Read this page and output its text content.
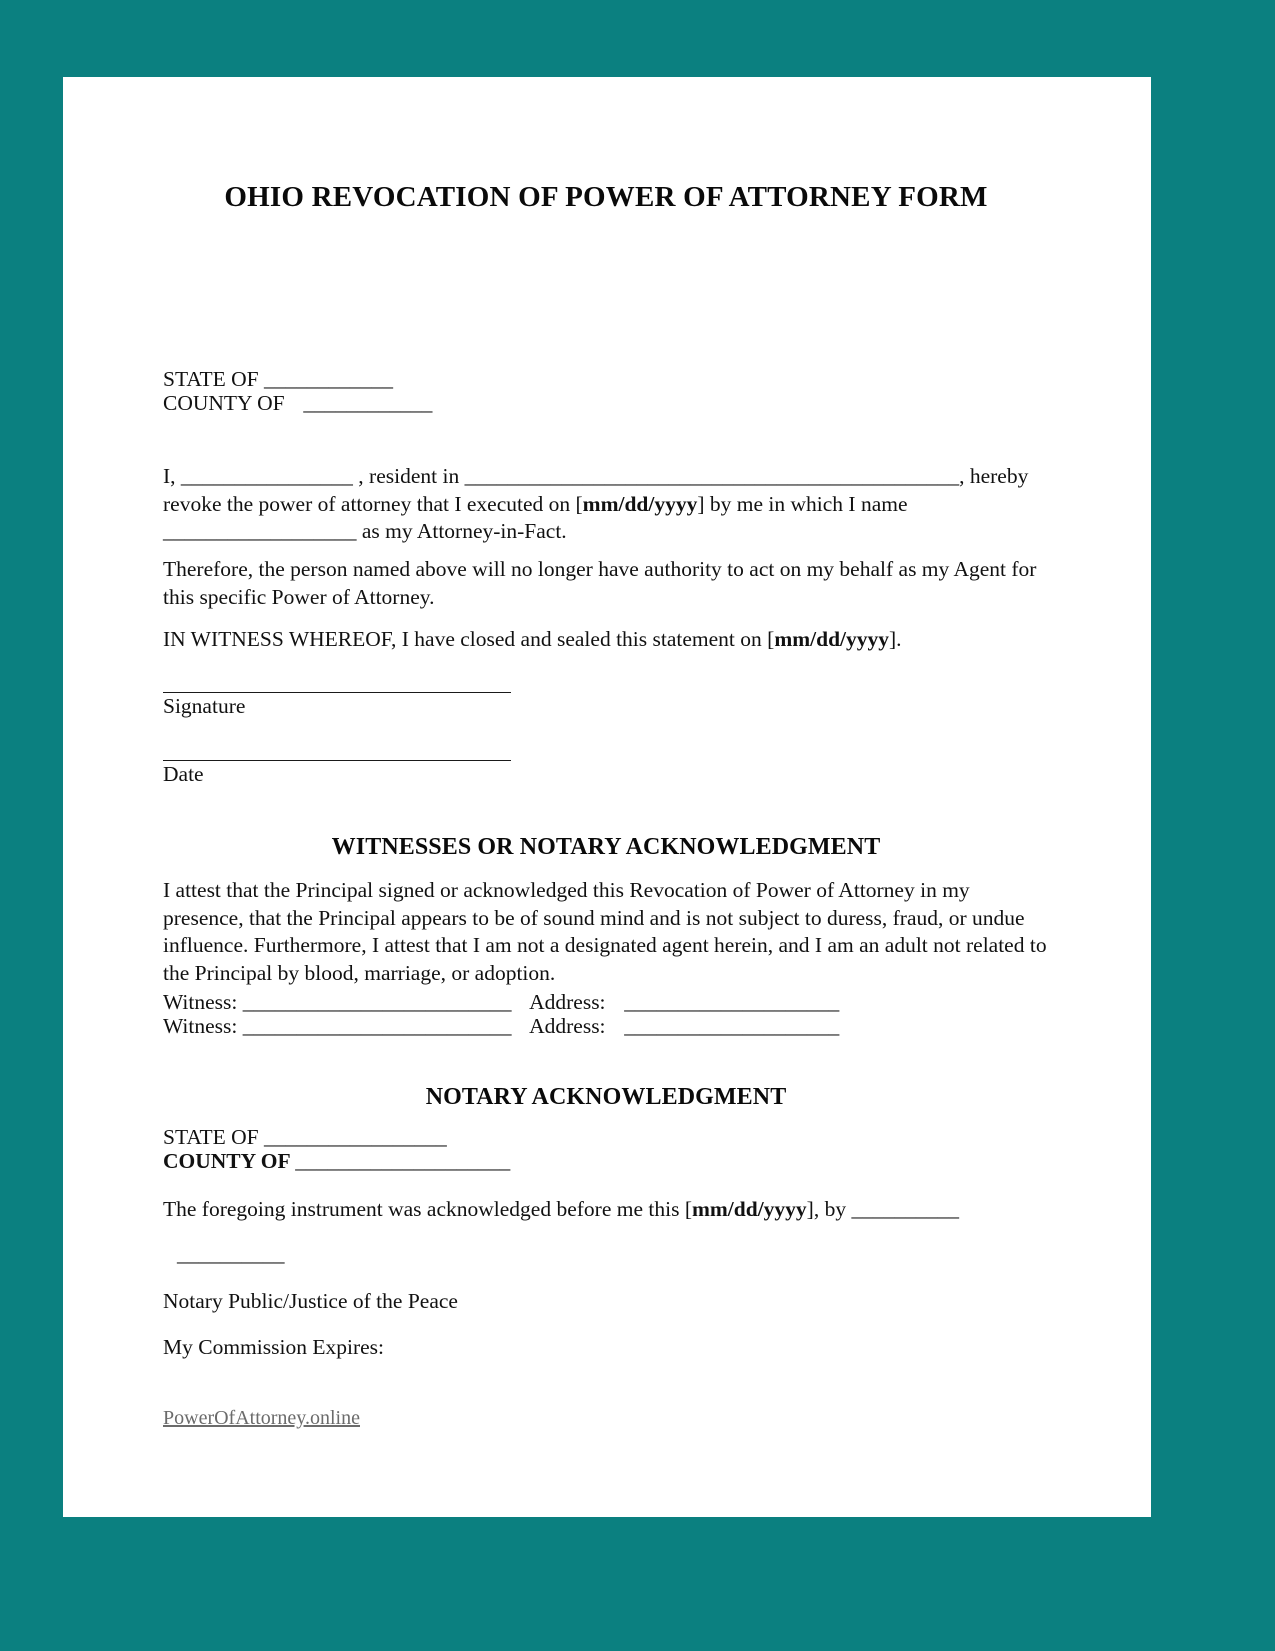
OHIO REVOCATION OF POWER OF ATTORNEY FORM
STATE OF ____________
COUNTY OF ____________
I, ________________ , resident in ______________________________________________, hereby revoke the power of attorney that I executed on [mm/dd/yyyy] by me in which I name
__________________ as my Attorney-in-Fact.
Therefore, the person named above will no longer have authority to act on my behalf as my Agent for this specific Power of Attorney.
IN WITNESS WHEREOF, I have closed and sealed this statement on [mm/dd/yyyy].
Signature
Date
WITNESSES OR NOTARY ACKNOWLEDGMENT
I attest that the Principal signed or acknowledged this Revocation of Power of Attorney in my presence, that the Principal appears to be of sound mind and is not subject to duress, fraud, or undue influence. Furthermore, I attest that I am not a designated agent herein, and I am an adult not related to the Principal by blood, marriage, or adoption.
Witness: _________________________ Address: ____________________
Witness: _________________________ Address: ____________________
NOTARY ACKNOWLEDGMENT
STATE OF _________________
COUNTY OF ____________________
The foregoing instrument was acknowledged before me this [mm/dd/yyyy], by __________
__________
Notary Public/Justice of the Peace
My Commission Expires:
PowerOfAttorney.online
